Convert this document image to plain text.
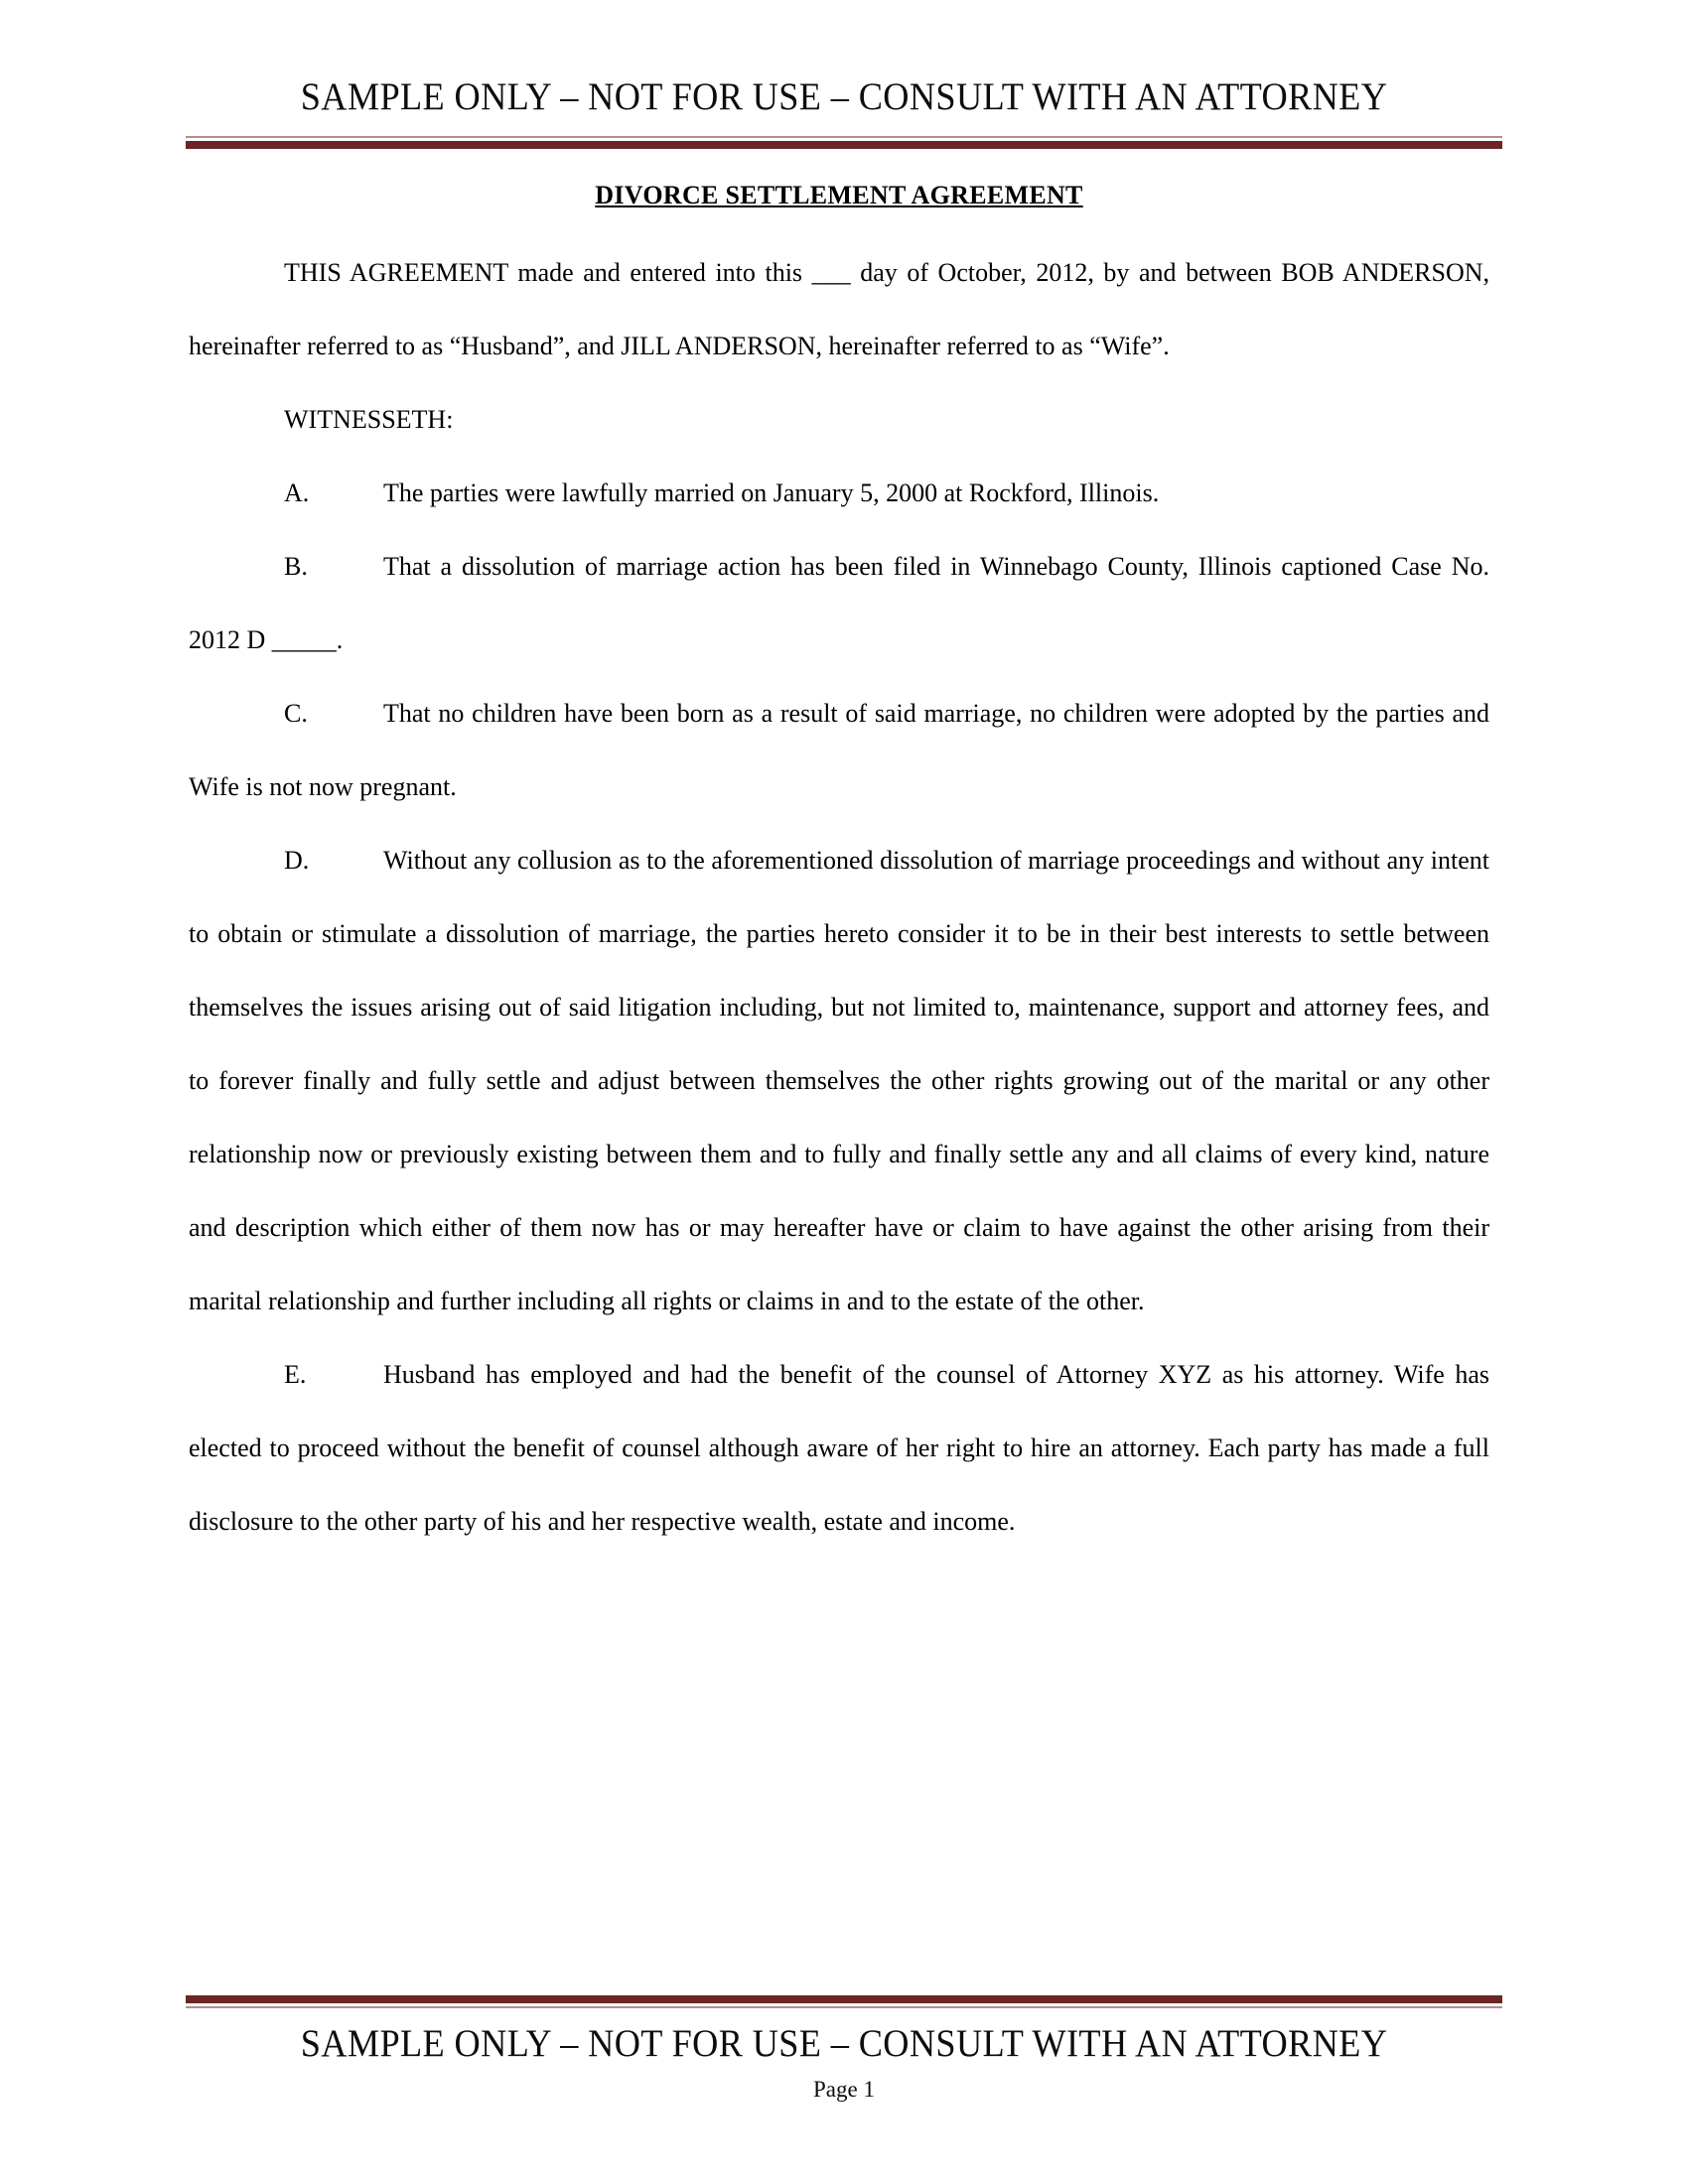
SAMPLE ONLY – NOT FOR USE – CONSULT WITH AN ATTORNEY
DIVORCE SETTLEMENT AGREEMENT

THIS AGREEMENT made and entered into this ___ day of October, 2012, by and between BOB ANDERSON, hereinafter referred to as “Husband”, and JILL ANDERSON, hereinafter referred to as “Wife”.

WITNESSETH:

A.	The parties were lawfully married on January 5, 2000 at Rockford, Illinois.

B.	That a dissolution of marriage action has been filed in Winnebago County, Illinois captioned Case No. 2012 D _____.

C.	That no children have been born as a result of said marriage, no children were adopted by the parties and Wife is not now pregnant.

D.	Without any collusion as to the aforementioned dissolution of marriage proceedings and without any intent to obtain or stimulate a dissolution of marriage, the parties hereto consider it to be in their best interests to settle between themselves the issues arising out of said litigation including, but not limited to, maintenance, support and attorney fees, and to forever finally and fully settle and adjust between themselves the other rights growing out of the marital or any other relationship now or previously existing between them and to fully and finally settle any and all claims of every kind, nature and description which either of them now has or may hereafter have or claim to have against the other arising from their marital relationship and further including all rights or claims in and to the estate of the other.

E.	Husband has employed and had the benefit of the counsel of Attorney XYZ as his attorney. Wife has elected to proceed without the benefit of counsel although aware of her right to hire an attorney. Each party has made a full disclosure to the other party of his and her respective wealth, estate and income.

SAMPLE ONLY – NOT FOR USE – CONSULT WITH AN ATTORNEY
Page 1
